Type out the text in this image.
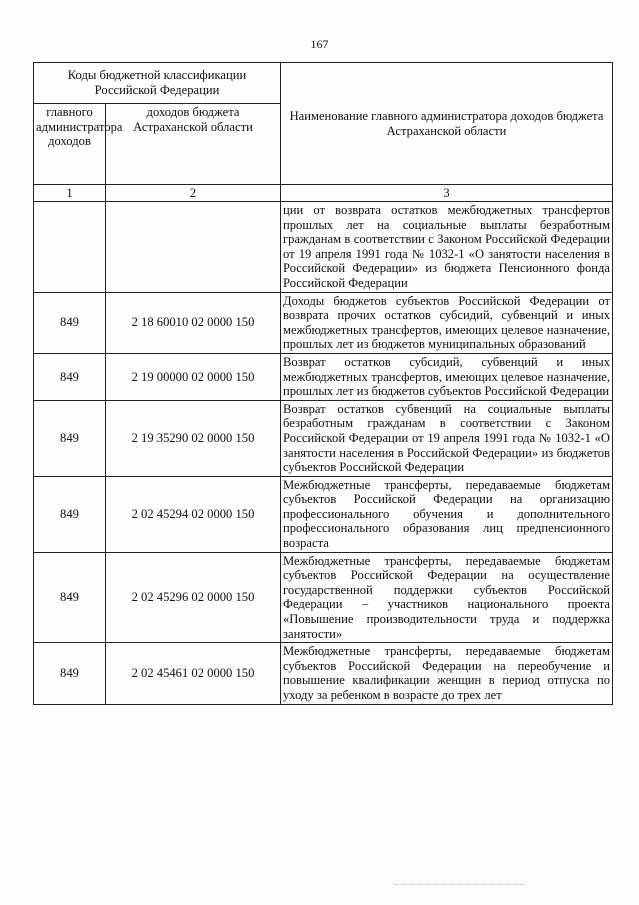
167
Коды бюджетной классификации Российской Федерации		Наименование главного администратора доходов бюджета Астраханской области
главного администратора доходов	доходов бюджета Астраханской области	
1	2	3
		ции от возврата остатков межбюджетных трансфертов прошлых лет на социальные выплаты безработным гражданам в соответствии с Законом Российской Федерации от 19 апреля 1991 года № 1032-1 «О занятости населения в Российской Федерации» из бюджета Пенсионного фонда Российской Федерации
849	2 18 60010 02 0000 150	Доходы бюджетов субъектов Российской Федерации от возврата прочих остатков субсидий, субвенций и иных межбюджетных трансфертов, имеющих целевое назначение, прошлых лет из бюджетов муниципальных образований
849	2 19 00000 02 0000 150	Возврат остатков субсидий, субвенций и иных межбюджетных трансфертов, имеющих целевое назначение, прошлых лет из бюджетов субъектов Российской Федерации
849	2 19 35290 02 0000 150	Возврат остатков субвенций на социальные выплаты безработным гражданам в соответствии с Законом Российской Федерации от 19 апреля 1991 года № 1032-1 «О занятости населения в Российской Федерации» из бюджетов субъектов Российской Федерации
849	2 02 45294 02 0000 150	Межбюджетные трансферты, передаваемые бюджетам субъектов Российской Федерации на организацию профессионального обучения и дополнительного профессионального образования лиц предпенсионного возраста
849	2 02 45296 02 0000 150	Межбюджетные трансферты, передаваемые бюджетам субъектов Российской Федерации на осуществление государственной поддержки субъектов Российской Федерации – участников национального проекта «Повышение производительности труда и поддержка занятости»
849	2 02 45461 02 0000 150	Межбюджетные трансферты, передаваемые бюджетам субъектов Российской Федерации на переобучение и повышение квалификации женщин в период отпуска по уходу за ребенком в возрасте до трех лет
